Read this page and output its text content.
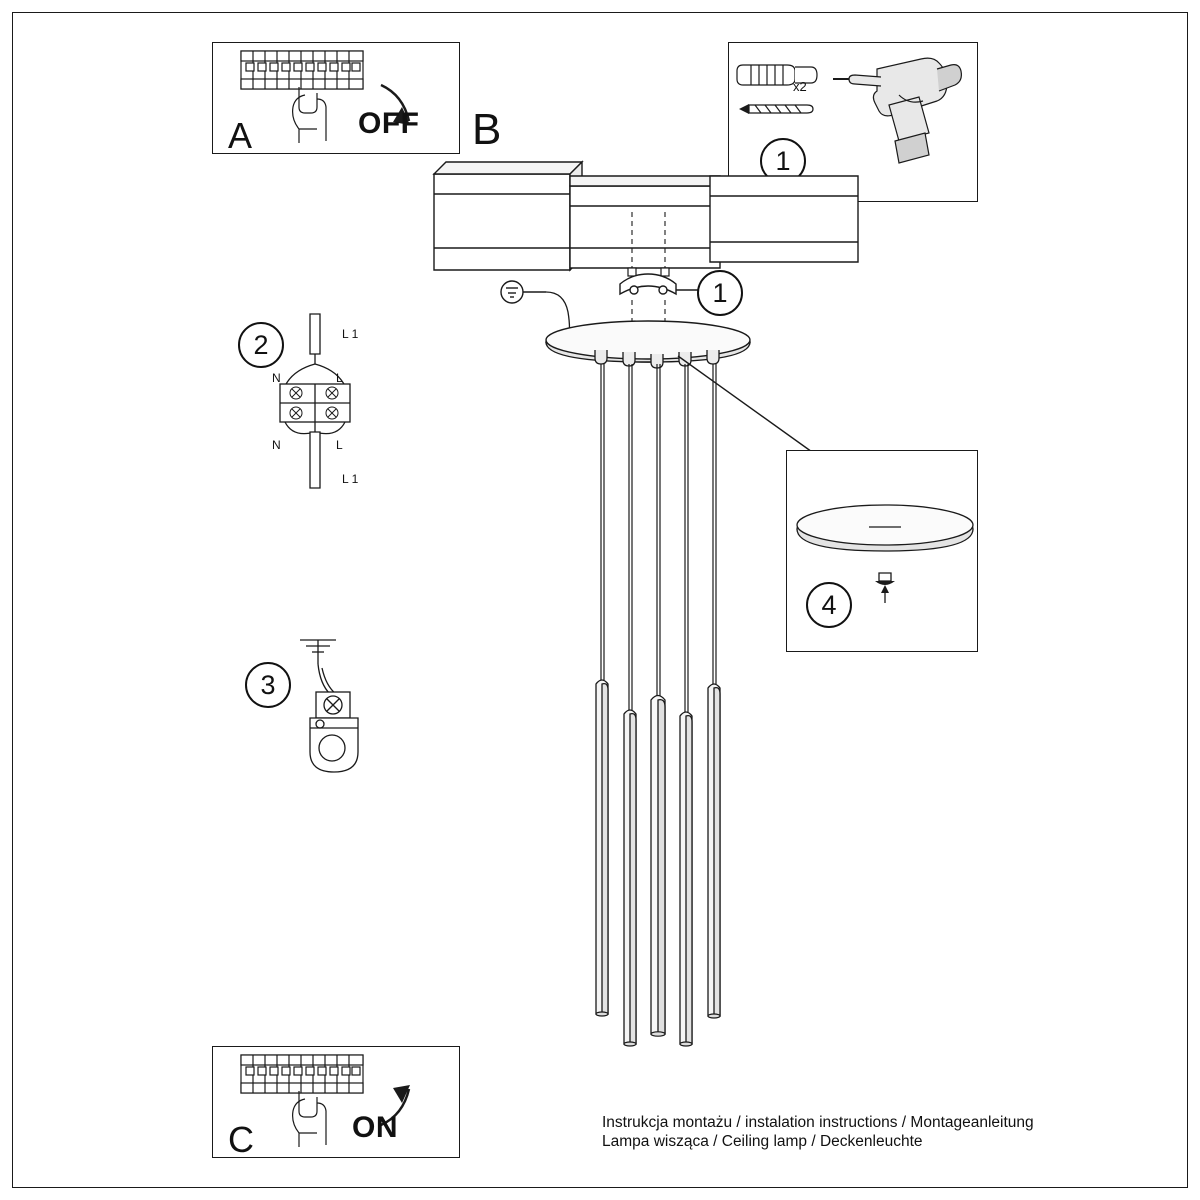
A	OFF B
x2
1
1
2	L 1
N	L
N	L
L 1
3
4
C	ON	Instrukcja montażu / instalation instructions / Montageanleitung
Lampa wisząca / Ceiling lamp / Deckenleuchte
